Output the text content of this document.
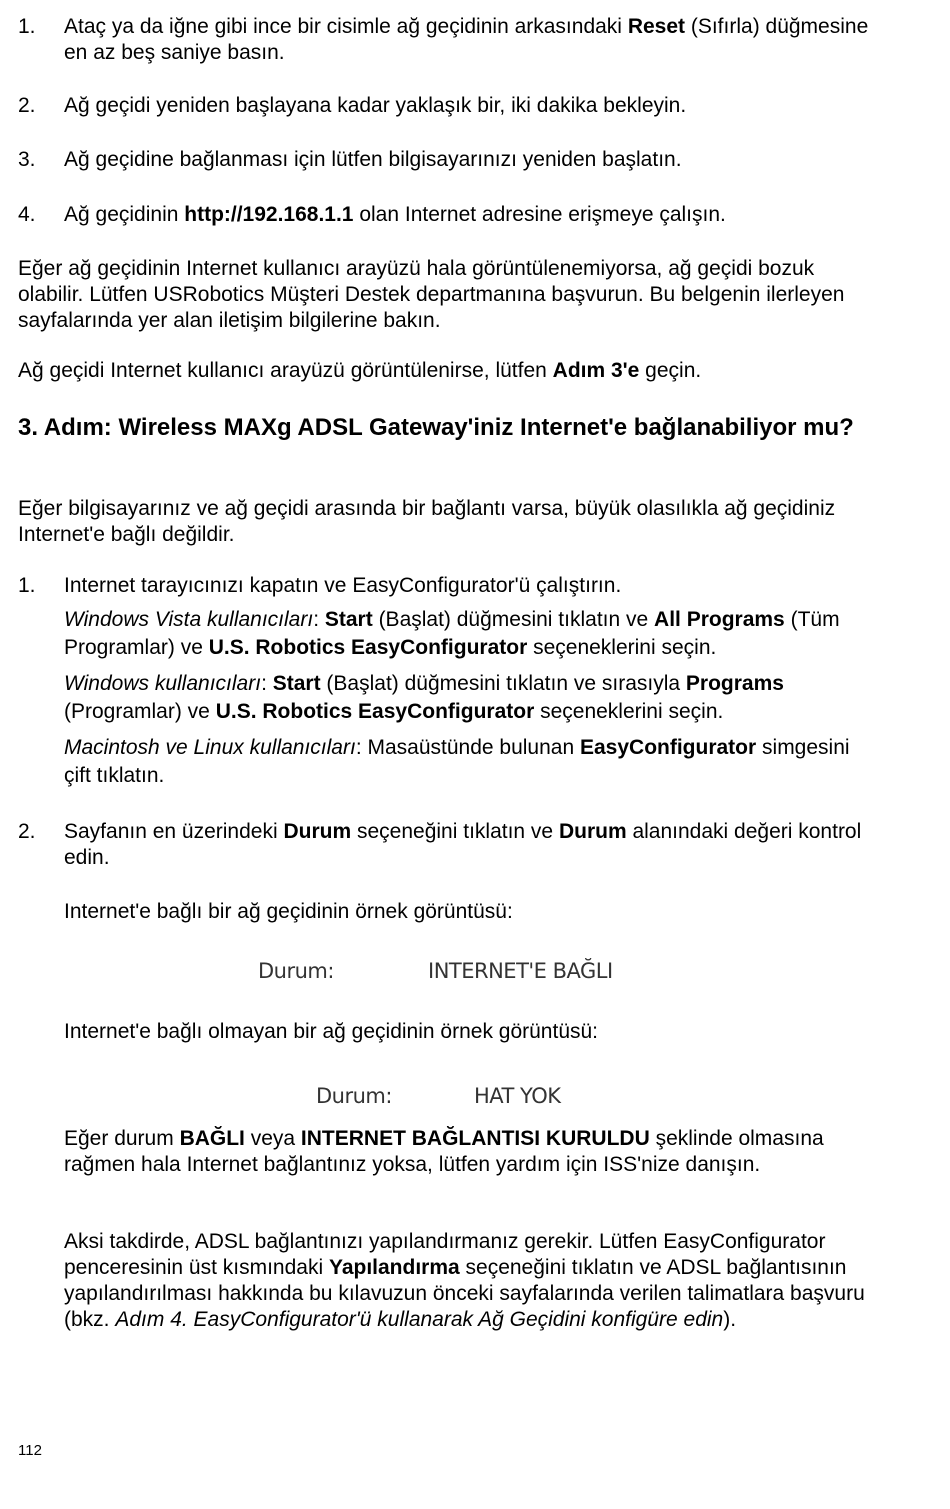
1.	Ataç ya da iğne gibi ince bir cisimle ağ geçidinin arkasındaki Reset (Sıfırla) düğmesine en az beş saniye basın.
2.	Ağ geçidi yeniden başlayana kadar yaklaşık bir, iki dakika bekleyin.
3.	Ağ geçidine bağlanması için lütfen bilgisayarınızı yeniden başlatın.
4.	Ağ geçidinin http://192.168.1.1 olan Internet adresine erişmeye çalışın.
Eğer ağ geçidinin Internet kullanıcı arayüzü hala görüntülenemiyorsa, ağ geçidi bozuk olabilir. Lütfen USRobotics Müşteri Destek departmanına başvurun. Bu belgenin ilerleyen sayfalarında yer alan iletişim bilgilerine bakın.
Ağ geçidi Internet kullanıcı arayüzü görüntülenirse, lütfen Adım 3'e geçin.
3. Adım: Wireless MAXg ADSL Gateway'iniz Internet'e bağlanabiliyor mu?
Eğer bilgisayarınız ve ağ geçidi arasında bir bağlantı varsa, büyük olasılıkla ağ geçidiniz Internet'e bağlı değildir.
1.	Internet tarayıcınızı kapatın ve EasyConfigurator'ü çalıştırın.
Windows Vista kullanıcıları: Start (Başlat) düğmesini tıklatın ve All Programs (Tüm Programlar) ve U.S. Robotics EasyConfigurator seçeneklerini seçin.
Windows kullanıcıları: Start (Başlat) düğmesini tıklatın ve sırasıyla Programs (Programlar) ve U.S. Robotics EasyConfigurator seçeneklerini seçin.
Macintosh ve Linux kullanıcıları: Masaüstünde bulunan EasyConfigurator simgesini çift tıklatın.
2.	Sayfanın en üzerindeki Durum seçeneğini tıklatın ve Durum alanındaki değeri kontrol edin.
Internet'e bağlı bir ağ geçidinin örnek görüntüsü:
Durum:	INTERNET'E BAĞLI
Internet'e bağlı olmayan bir ağ geçidinin örnek görüntüsü:
Durum:	HAT YOK
Eğer durum BAĞLI veya INTERNET BAĞLANTISI KURULDU şeklinde olmasına rağmen hala Internet bağlantınız yoksa, lütfen yardım için ISS'nize danışın.
Aksi takdirde, ADSL bağlantınızı yapılandırmanız gerekir. Lütfen EasyConfigurator penceresinin üst kısmındaki Yapılandırma seçeneğini tıklatın ve ADSL bağlantısının yapılandırılması hakkında bu kılavuzun önceki sayfalarında verilen talimatlara başvuru (bkz. Adım 4. EasyConfigurator'ü kullanarak Ağ Geçidini konfigüre edin).
112
